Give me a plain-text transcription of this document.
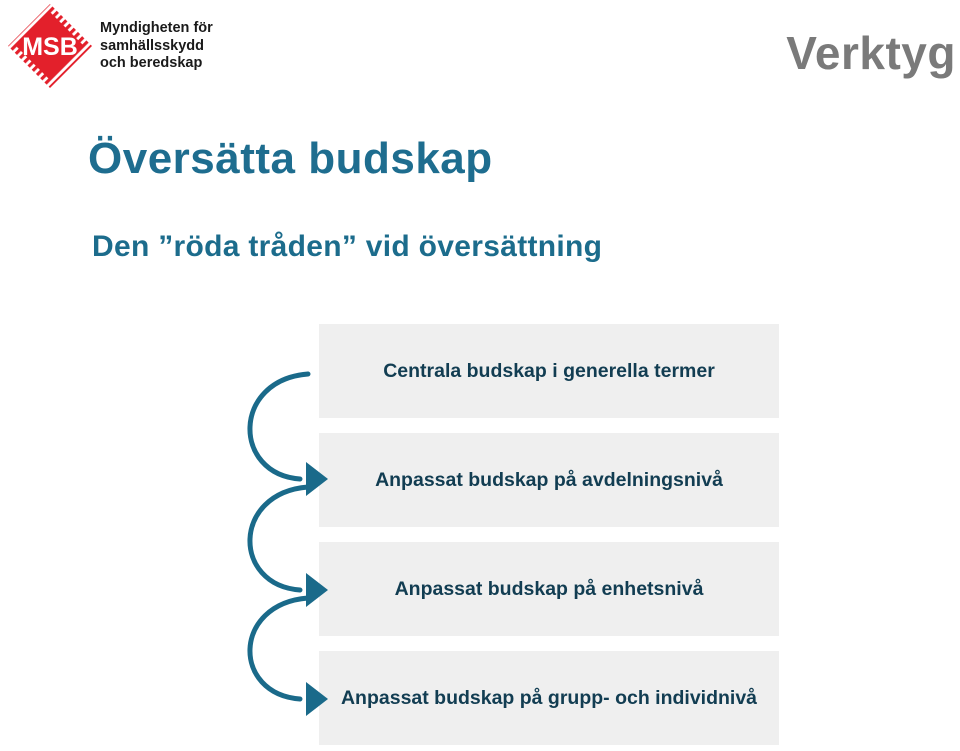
MSB
Myndigheten för
samhällsskydd
och beredskap	Verktyg
Översätta budskap
Den ”röda tråden” vid översättning
Centrala budskap i generella termer
Anpassat budskap på avdelningsnivå
Anpassat budskap på enhetsnivå
Anpassat budskap på grupp- och individnivå
